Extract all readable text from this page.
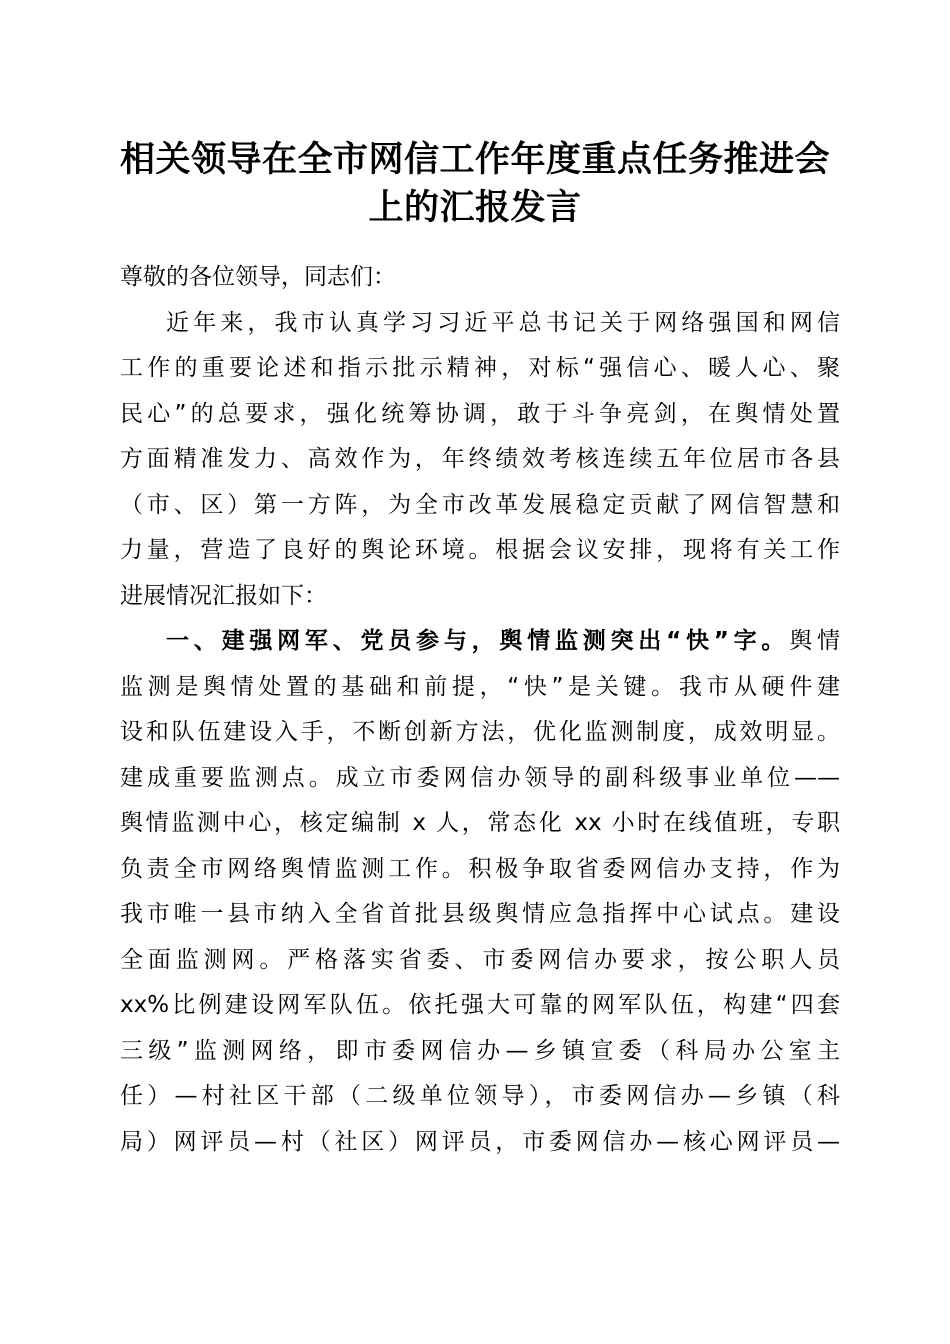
相关领导在全市网信工作年度重点任务推进会
上的汇报发言
尊敬的各位领导，同志们：
近年来，我市认真学习习近平总书记关于网络强国和网信
工作的重要论述和指示批示精神，对标“强信心、暖人心、聚
民心”的总要求，强化统筹协调，敢于斗争亮剑，在舆情处置
方面精准发力、高效作为，年终绩效考核连续五年位居市各县
（市、区）第一方阵，为全市改革发展稳定贡献了网信智慧和
力量，营造了良好的舆论环境。根据会议安排，现将有关工作
进展情况汇报如下：
一、建强网军、党员参与，舆情监测突出“快”字。舆情
监测是舆情处置的基础和前提，“快”是关键。我市从硬件建
设和队伍建设入手，不断创新方法，优化监测制度，成效明显。
建成重要监测点。成立市委网信办领导的副科级事业单位——
舆情监测中心，核定编制 x 人，常态化 xx 小时在线值班，专职
负责全市网络舆情监测工作。积极争取省委网信办支持，作为
我市唯一县市纳入全省首批县级舆情应急指挥中心试点。建设
全面监测网。严格落实省委、市委网信办要求，按公职人员
xx%比例建设网军队伍。依托强大可靠的网军队伍，构建“四套
三级”监测网络，即市委网信办—乡镇宣委（科局办公室主
任）—村社区干部（二级单位领导），市委网信办—乡镇（科
局）网评员—村（社区）网评员，市委网信办—核心网评员—
